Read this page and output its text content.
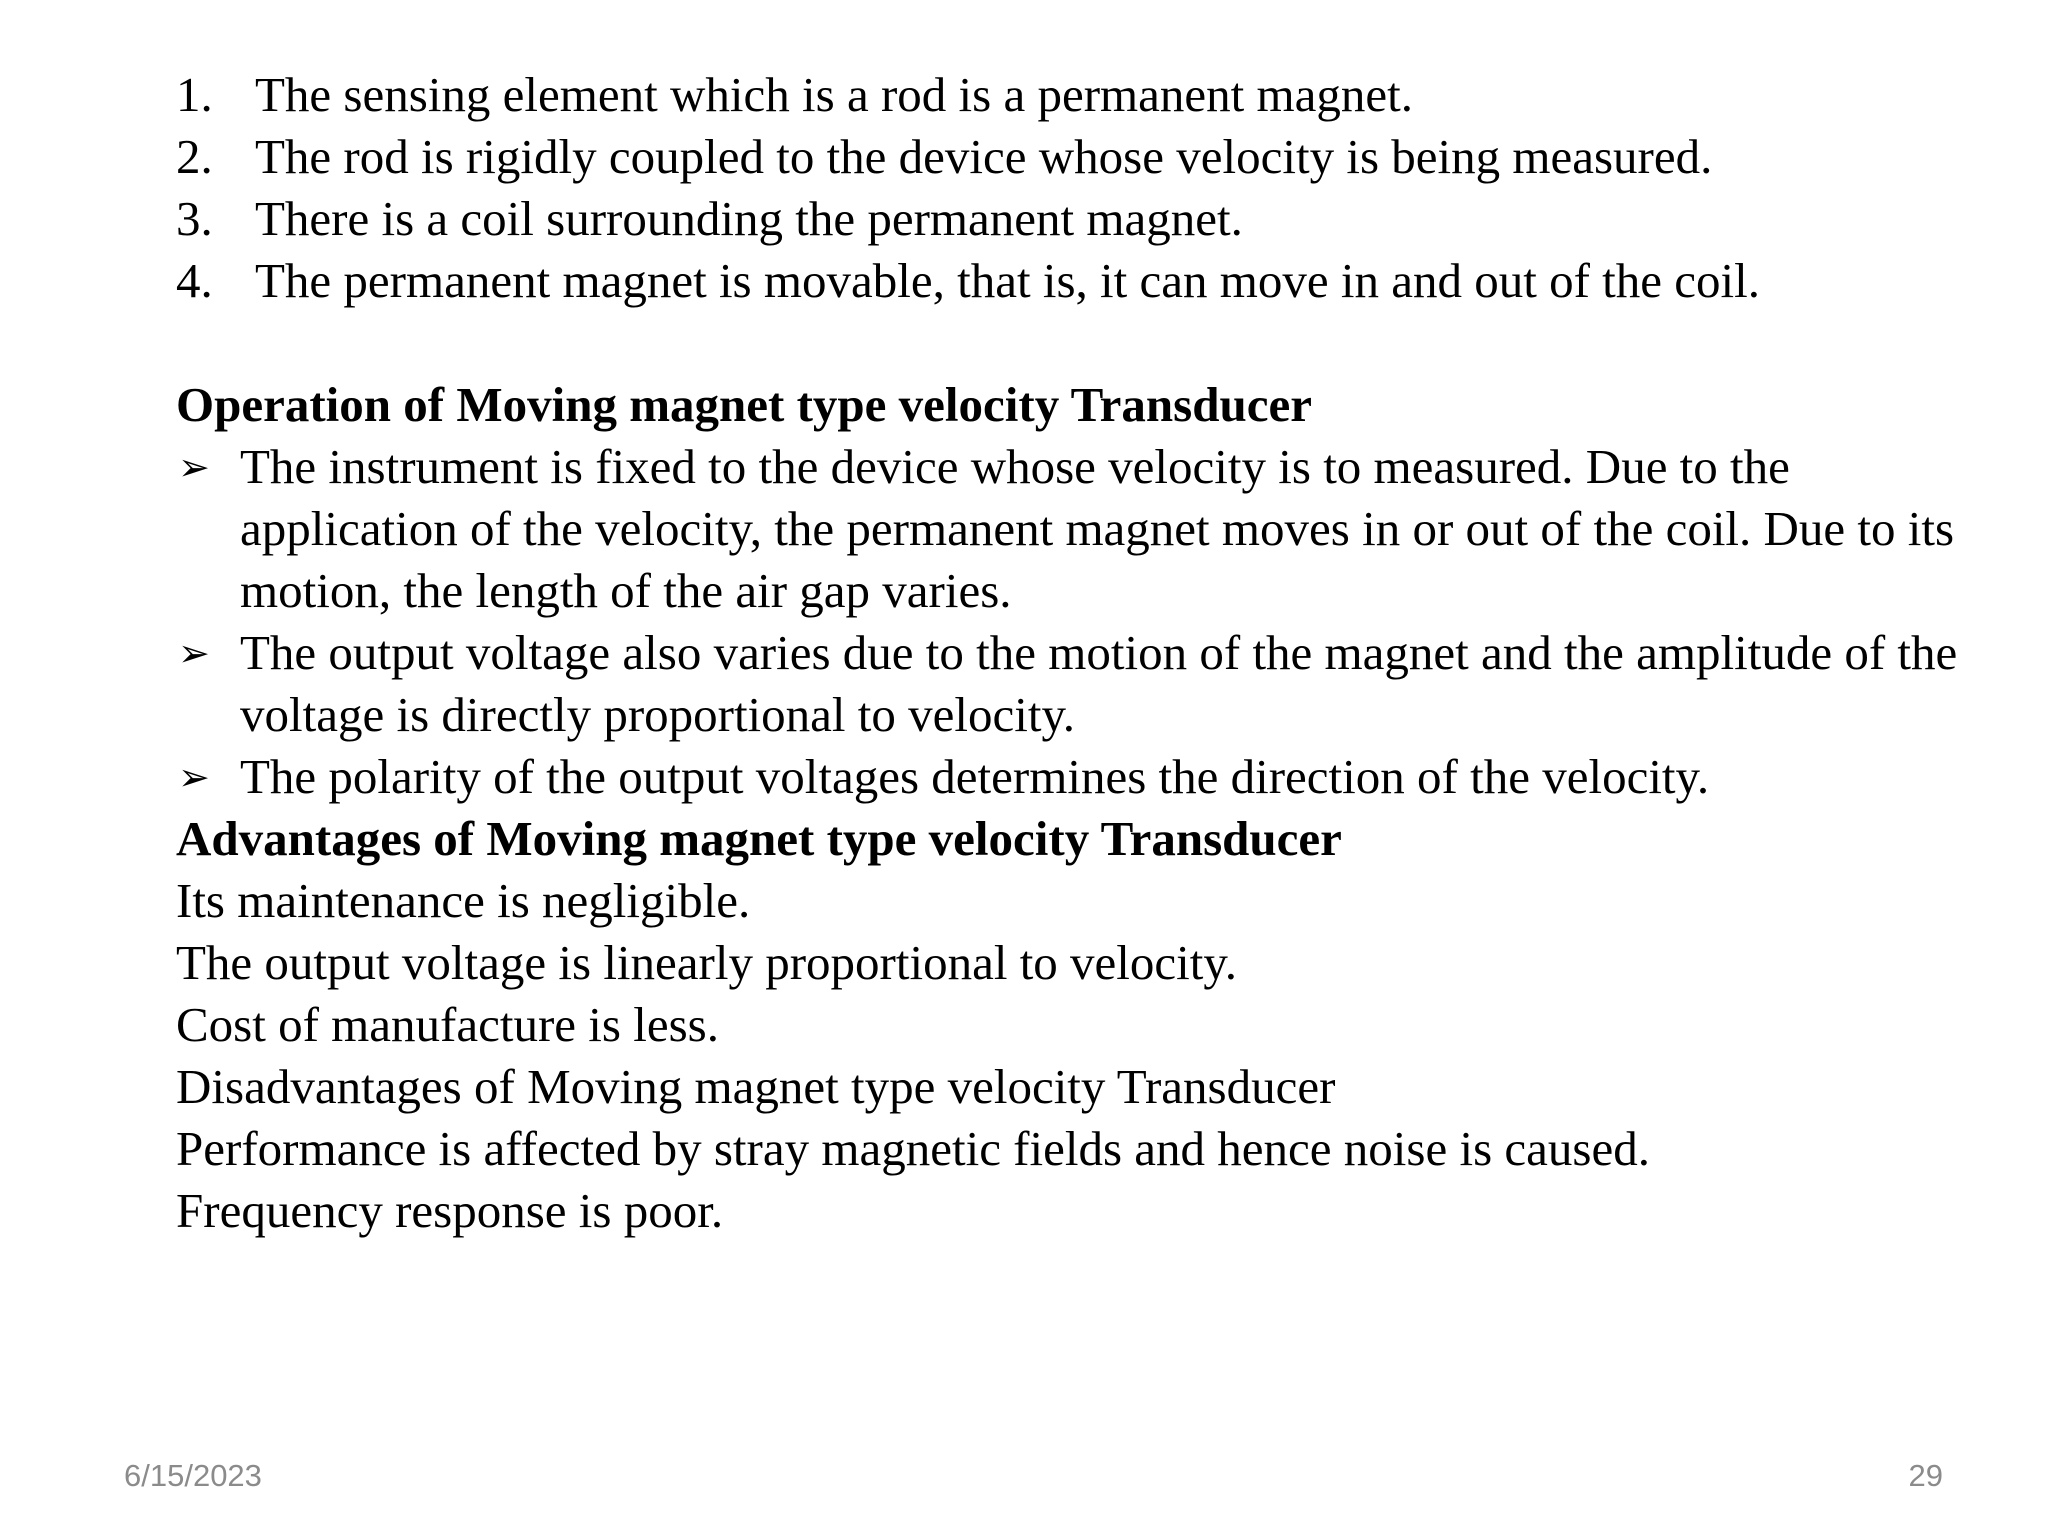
1. The sensing element which is a rod is a permanent magnet.
2. The rod is rigidly coupled to the device whose velocity is being measured.
3. There is a coil surrounding the permanent magnet.
4. The permanent magnet is movable, that is, it can move in and out of the coil.
Operation of Moving magnet type velocity Transducer
➢ The instrument is fixed to the device whose velocity is to measured. Due to the application of the velocity, the permanent magnet moves in or out of the coil. Due to its motion, the length of the air gap varies.
➢ The output voltage also varies due to the motion of the magnet and the amplitude of the voltage is directly proportional to velocity.
➢ The polarity of the output voltages determines the direction of the velocity.
Advantages of Moving magnet type velocity Transducer

Its maintenance is negligible.

The output voltage is linearly proportional to velocity.

Cost of manufacture is less.

Disadvantages of Moving magnet type velocity Transducer

Performance is affected by stray magnetic fields and hence noise is caused.

Frequency response is poor.

6/15/2023	29
